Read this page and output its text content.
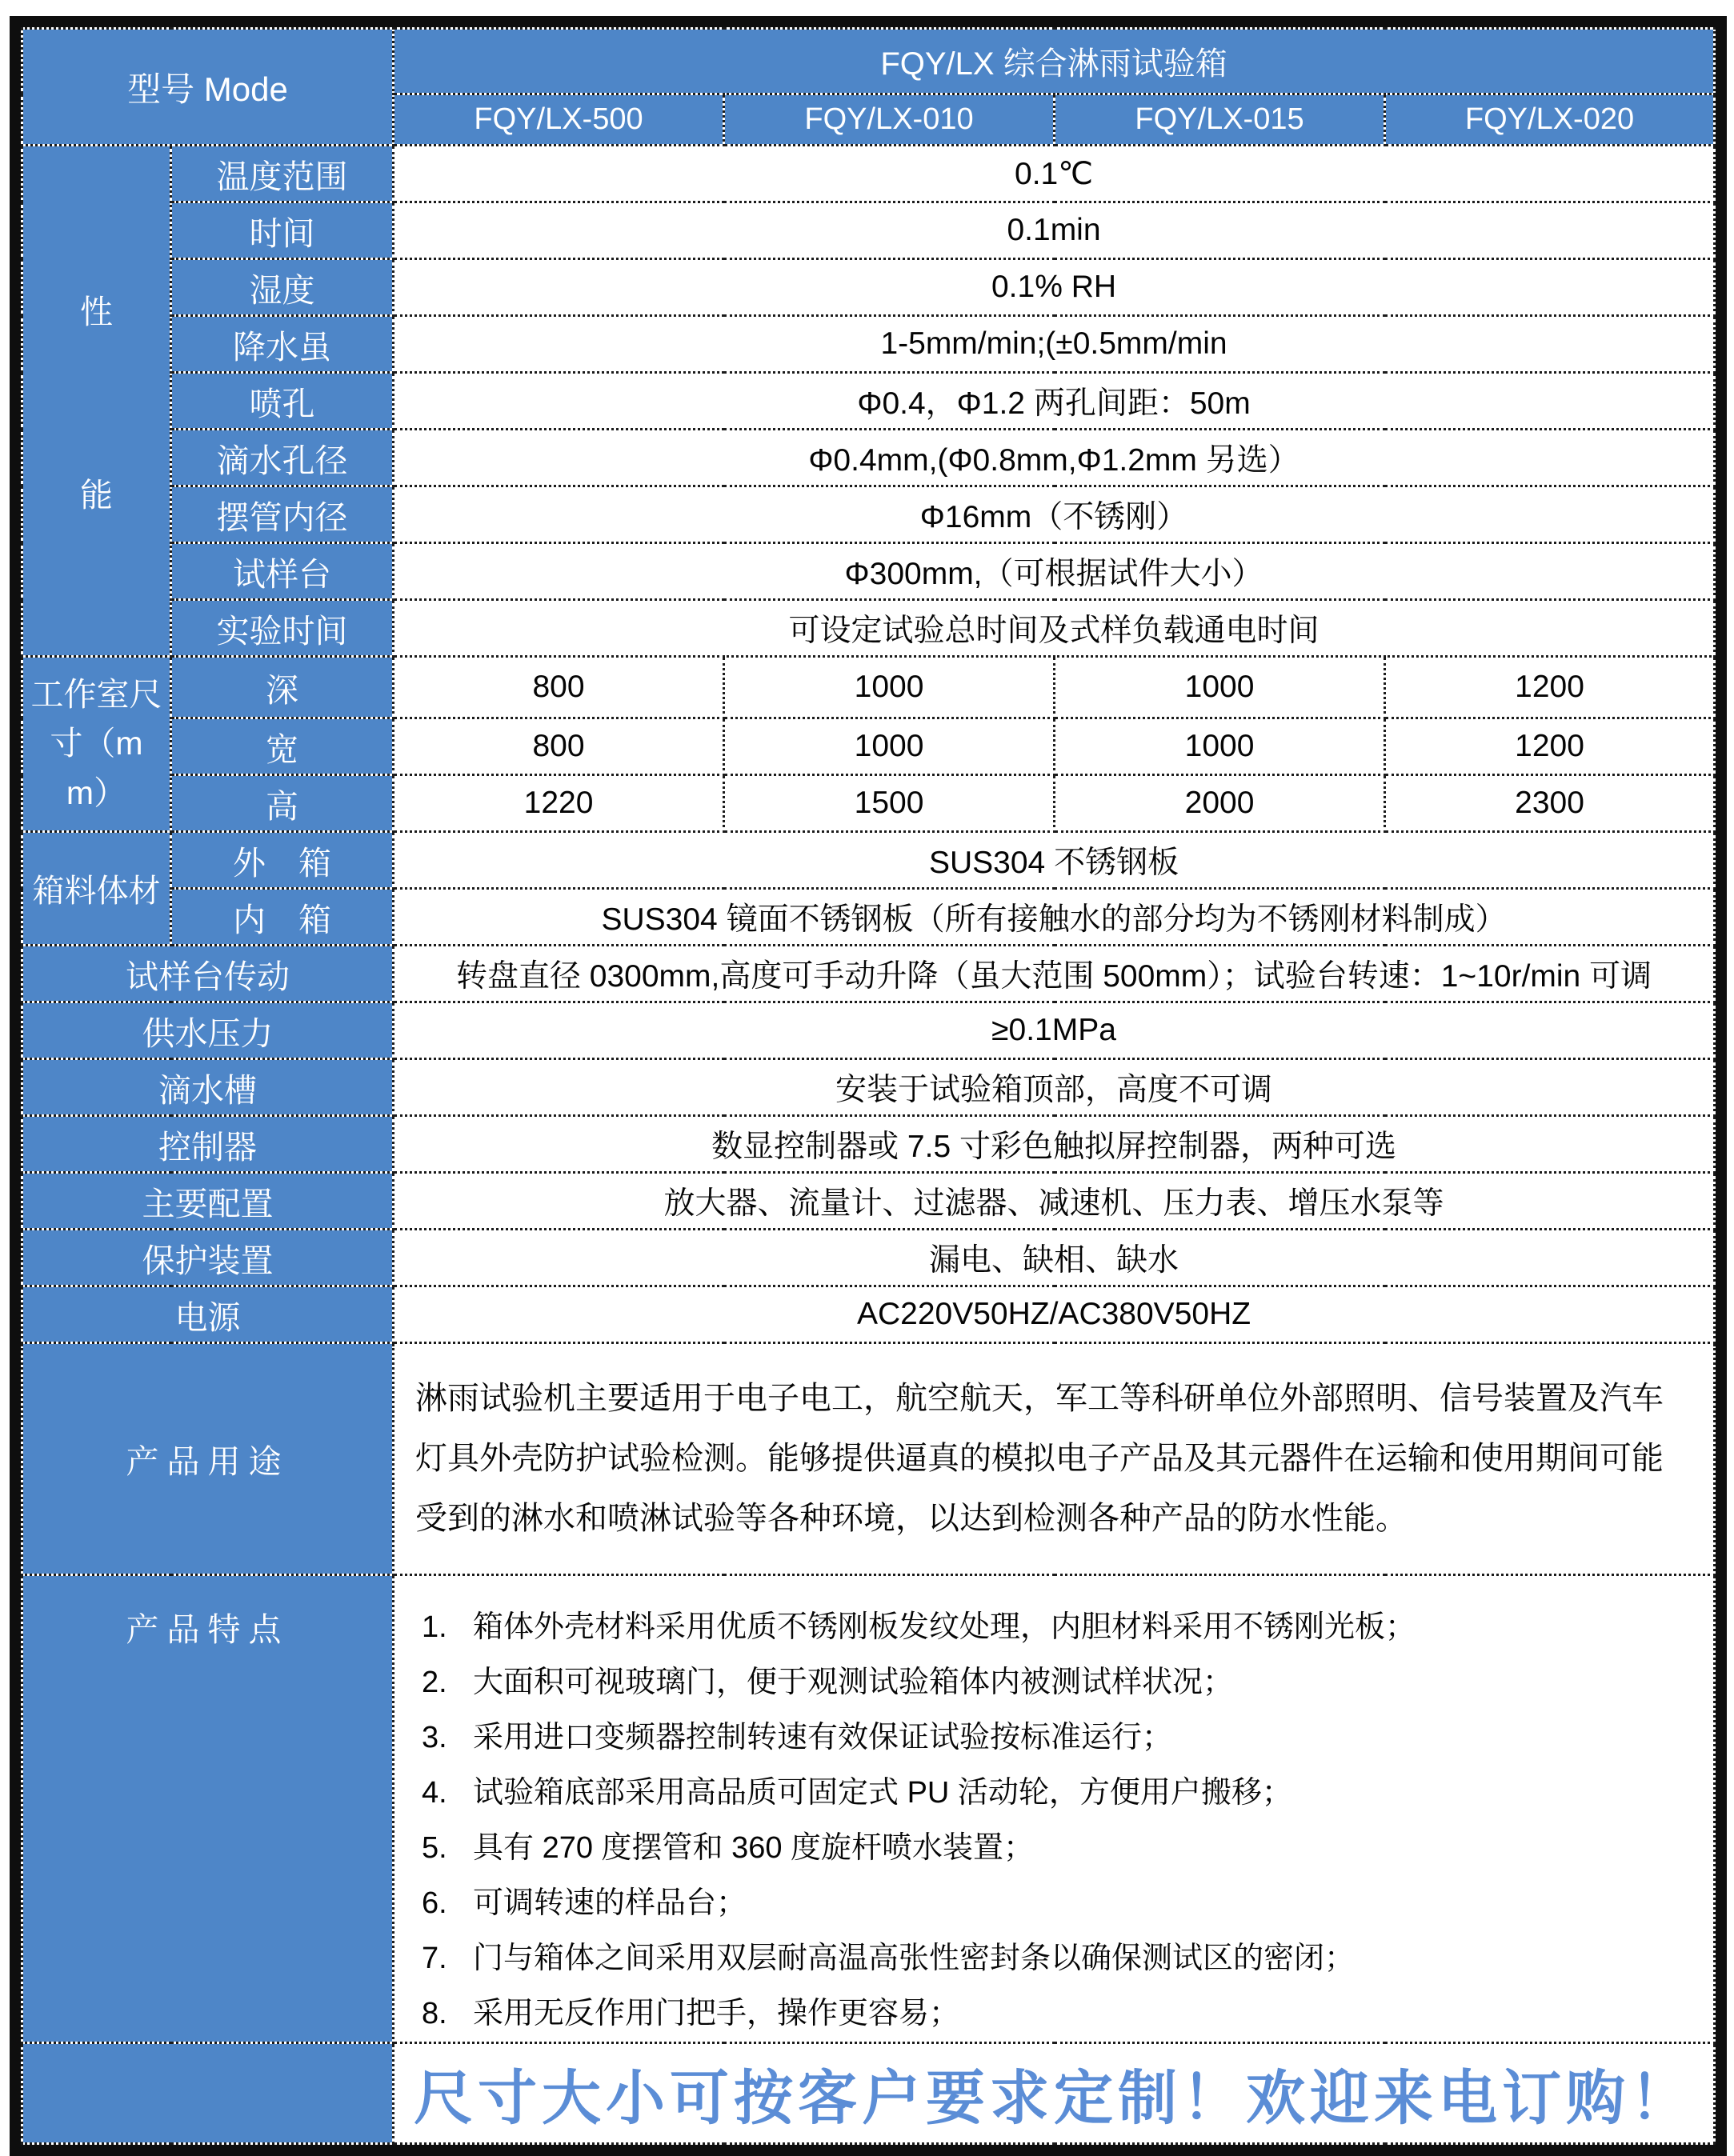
型号 Mode		FQY/LX 综合淋雨试验箱			
		FQY/LX-500	FQY/LX-010	FQY/LX-015	FQY/LX-020

性
能	温度范围	0.1℃			
	时间	0.1min			
	湿度	0.1% RH			
	降水虽	1-5mm/min;(±0.5mm/min			
	喷孔	Φ0.4，Φ1.2 两孔间距：50m			
	滴水孔径	Φ0.4mm,(Φ0.8mm,Φ1.2mm 另选）			
	摆管内径	Φ16mm（不锈刚）			
	试样台	Φ300mm,（可根据试件大小）			
	实验时间	可设定试验总时间及式样负载通电时间			
工作室尺寸（mm）	深	800	1000	1000	1200
	宽	800	1000	1000	1200
	高	1220	1500	2000	2300
箱料体材	外　箱	SUS304 不锈钢板			
	内　箱	SUS304 镜面不锈钢板（所有接触水的部分均为不锈刚材料制成）			
试样台传动		转盘直径 0300mm,高度可手动升降（虽大范围 500mm）；试验台转速：1~10r/min 可调			
供水压力		≥0.1MPa			
滴水槽		安装于试验箱顶部，高度不可调			
控制器		数显控制器或 7.5 寸彩色触拟屏控制器，两种可选			
主要配置		放大器、流量计、过滤器、减速机、压力表、增压水泵等			
保护装置		漏电、缺相、缺水			
电源		AC220V50HZ/AC380V50HZ			
产品用途		淋雨试验机主要适用于电子电工，航空航天，军工等科研单位外部照明、信号装置及汽车灯具外壳防护试验检测。能够提供逼真的模拟电子产品及其元器件在运输和使用期间可能受到的淋水和喷淋试验等各种环境，以达到检测各种产品的防水性能。			
产品特点	1. 箱体外壳材料采用优质不锈刚板发纹处理，内胆材料采用不锈刚光板；
2. 大面积可视玻璃门，便于观测试验箱体内被测试样状况；
3. 采用进口变频器控制转速有效保证试验按标准运行；
4. 试验箱底部采用高品质可固定式 PU 活动轮，方便用户搬移；
5. 具有 270 度摆管和 360 度旋杆喷水装置；
6. 可调转速的样品台；
7. 门与箱体之间采用双层耐高温高张性密封条以确保测试区的密闭；
8. 采用无反作用门把手，操作更容易；

		尺寸大小可按客户要求定制！欢迎来电订购！			
